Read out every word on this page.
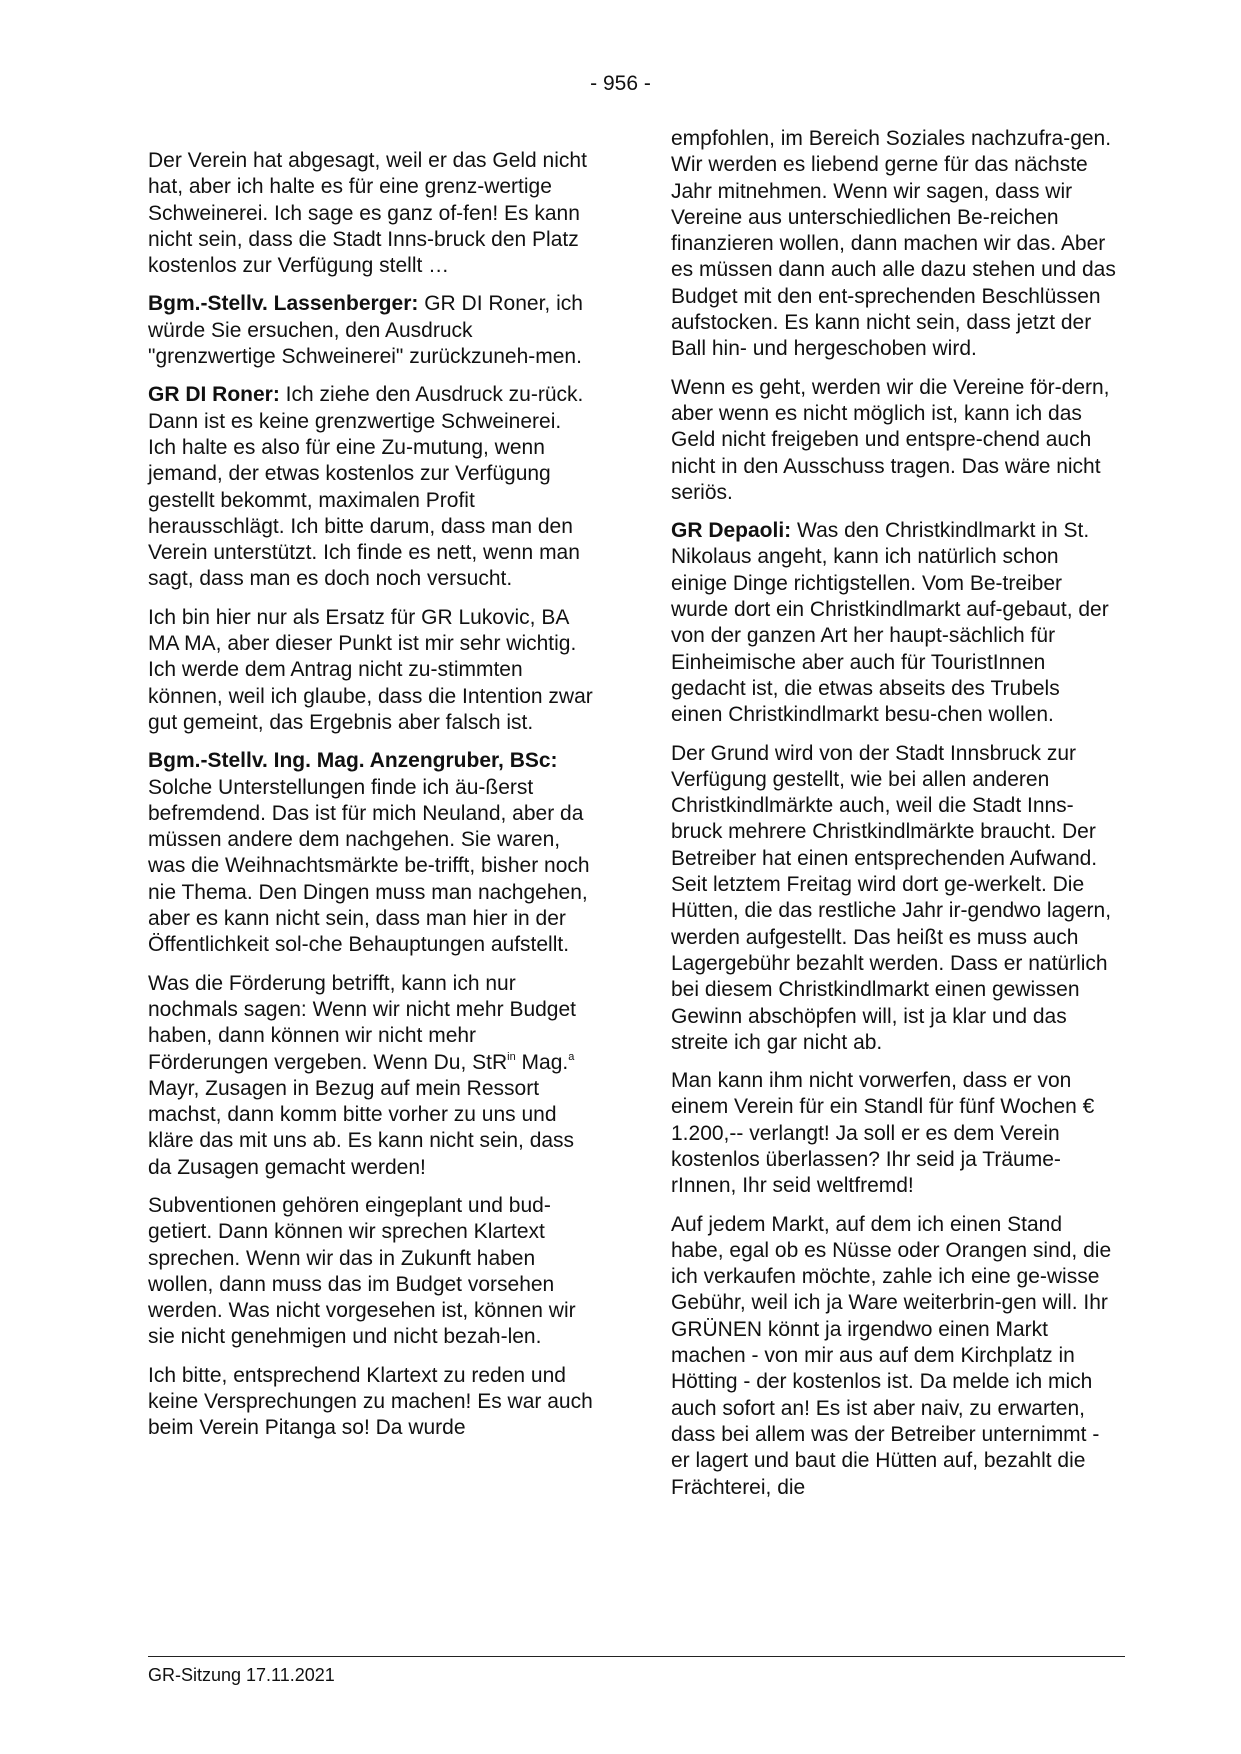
- 956 -

Der Verein hat abgesagt, weil er das Geld nicht hat, aber ich halte es für eine grenz-wertige Schweinerei. Ich sage es ganz of-fen! Es kann nicht sein, dass die Stadt Inns-bruck den Platz kostenlos zur Verfügung stellt …

Bgm.-Stellv. Lassenberger: GR DI Roner, ich würde Sie ersuchen, den Ausdruck "grenzwertige Schweinerei" zurückzuneh-men.

GR DI Roner: Ich ziehe den Ausdruck zu-rück. Dann ist es keine grenzwertige Schweinerei. Ich halte es also für eine Zu-mutung, wenn jemand, der etwas kostenlos zur Verfügung gestellt bekommt, maximalen Profit herausschlägt. Ich bitte darum, dass man den Verein unterstützt. Ich finde es nett, wenn man sagt, dass man es doch noch versucht.

Ich bin hier nur als Ersatz für GR Lukovic, BA MA MA, aber dieser Punkt ist mir sehr wichtig. Ich werde dem Antrag nicht zu-stimmten können, weil ich glaube, dass die Intention zwar gut gemeint, das Ergebnis aber falsch ist.

Bgm.-Stellv. Ing. Mag. Anzengruber, BSc: Solche Unterstellungen finde ich äu-ßerst befremdend. Das ist für mich Neuland, aber da müssen andere dem nachgehen. Sie waren, was die Weihnachtsmärkte be-trifft, bisher noch nie Thema. Den Dingen muss man nachgehen, aber es kann nicht sein, dass man hier in der Öffentlichkeit sol-che Behauptungen aufstellt.

Was die Förderung betrifft, kann ich nur nochmals sagen: Wenn wir nicht mehr Budget haben, dann können wir nicht mehr Förderungen vergeben. Wenn Du, StR$^{in}$ Mag.$^a$ Mayr, Zusagen in Bezug auf mein Ressort machst, dann komm bitte vorher zu uns und kläre das mit uns ab. Es kann nicht sein, dass da Zusagen gemacht werden!

Subventionen gehören eingeplant und bud-getiert. Dann können wir sprechen Klartext sprechen. Wenn wir das in Zukunft haben wollen, dann muss das im Budget vorsehen werden. Was nicht vorgesehen ist, können wir sie nicht genehmigen und nicht bezah-len.

Ich bitte, entsprechend Klartext zu reden und keine Versprechungen zu machen! Es war auch beim Verein Pitanga so! Da wurde

empfohlen, im Bereich Soziales nachzufra-gen. Wir werden es liebend gerne für das nächste Jahr mitnehmen. Wenn wir sagen, dass wir Vereine aus unterschiedlichen Be-reichen finanzieren wollen, dann machen wir das. Aber es müssen dann auch alle dazu stehen und das Budget mit den ent-sprechenden Beschlüssen aufstocken. Es kann nicht sein, dass jetzt der Ball hin- und hergeschoben wird.

Wenn es geht, werden wir die Vereine för-dern, aber wenn es nicht möglich ist, kann ich das Geld nicht freigeben und entspre-chend auch nicht in den Ausschuss tragen. Das wäre nicht seriös.

GR Depaoli: Was den Christkindlmarkt in St. Nikolaus angeht, kann ich natürlich schon einige Dinge richtigstellen. Vom Be-treiber wurde dort ein Christkindlmarkt auf-gebaut, der von der ganzen Art her haupt-sächlich für Einheimische aber auch für TouristInnen gedacht ist, die etwas abseits des Trubels einen Christkindlmarkt besu-chen wollen.

Der Grund wird von der Stadt Innsbruck zur Verfügung gestellt, wie bei allen anderen Christkindlmärkte auch, weil die Stadt Inns-bruck mehrere Christkindlmärkte braucht. Der Betreiber hat einen entsprechenden Aufwand. Seit letztem Freitag wird dort ge-werkelt. Die Hütten, die das restliche Jahr ir-gendwo lagern, werden aufgestellt. Das heißt es muss auch Lagergebühr bezahlt werden. Dass er natürlich bei diesem Christkindlmarkt einen gewissen Gewinn abschöpfen will, ist ja klar und das streite ich gar nicht ab.

Man kann ihm nicht vorwerfen, dass er von einem Verein für ein Standl für fünf Wochen € 1.200,-- verlangt! Ja soll er es dem Verein kostenlos überlassen? Ihr seid ja Träume-rInnen, Ihr seid weltfremd!

Auf jedem Markt, auf dem ich einen Stand habe, egal ob es Nüsse oder Orangen sind, die ich verkaufen möchte, zahle ich eine ge-wisse Gebühr, weil ich ja Ware weiterbrin-gen will. Ihr GRÜNEN könnt ja irgendwo einen Markt machen - von mir aus auf dem Kirchplatz in Hötting - der kostenlos ist. Da melde ich mich auch sofort an! Es ist aber naiv, zu erwarten, dass bei allem was der Betreiber unternimmt - er lagert und baut die Hütten auf, bezahlt die Frächterei, die

GR-Sitzung 17.11.2021
